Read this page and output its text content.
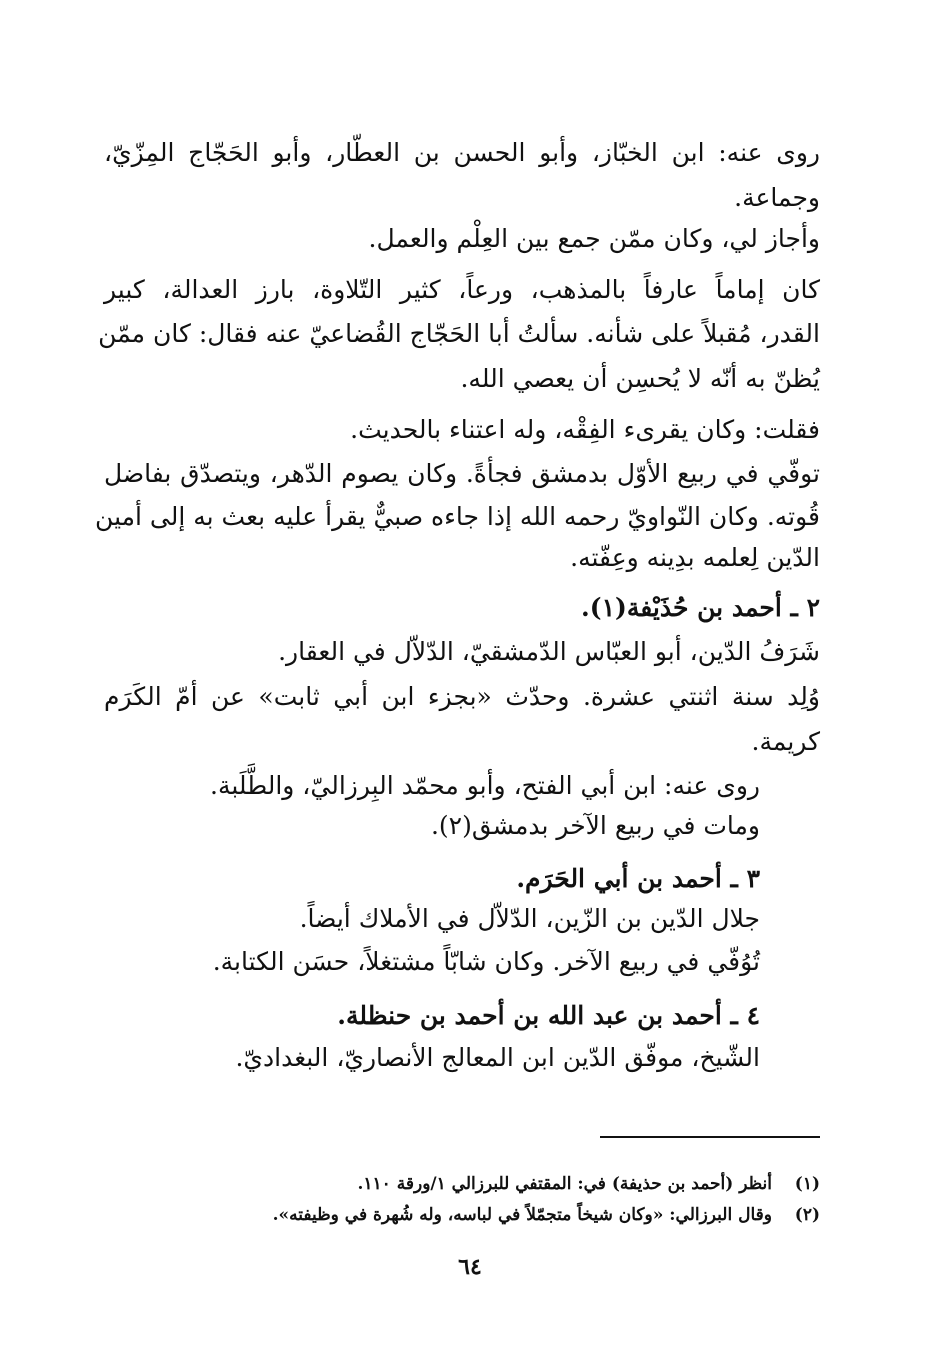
روى عنه: ابن الخبّاز، وأبو الحسن بن العطّار، وأبو الحَجّاج المِزّيّ،
وجماعة.
وأجاز لي، وكان ممّن جمع بين العِلْم والعمل.
كان إماماً عارفاً بالمذهب، ورعاً، كثير التّلاوة، بارز العدالة، كبير
القدر، مُقبلاً على شأنه. سألتُ أبا الحَجّاج القُضاعيّ عنه فقال: كان ممّن
يُظنّ به أنّه لا يُحسِن أن يعصي الله.
فقلت: وكان يقرىء الفِقْه، وله اعتناء بالحديث.
توفّي في ربيع الأوّل بدمشق فجأةً. وكان يصوم الدّهر، ويتصدّق بفاضل
قُوته. وكان النّواويّ رحمه الله إذا جاءه صبيٌّ يقرأ عليه بعث به إلى أمين
الدّين لِعلمه بدِينه وعِفّته.
٢ ـ أحمد بن حُذَيْفة(١).
شَرَفُ الدّين، أبو العبّاس الدّمشقيّ، الدّلاّل في العقار.
وُلِد سنة اثنتي عشرة. وحدّث «بجزء ابن أبي ثابت» عن أمّ الكَرَم
كريمة.
روى عنه: ابن أبي الفتح، وأبو محمّد البِرزاليّ، والطَّلَبة.
ومات في ربيع الآخر بدمشق(٢).
٣ ـ أحمد بن أبي الحَرَم.
جلال الدّين بن الزّين، الدّلاّل في الأملاك أيضاً.
تُوُفّي في ربيع الآخر. وكان شابّاً مشتغلاً، حسَن الكتابة.
٤ ـ أحمد بن عبد الله بن أحمد بن حنظلة.
الشّيخ، موفّق الدّين ابن المعالج الأنصاريّ، البغداديّ.
(١)أنظر (أحمد بن حذيفة) في: المقتفي للبرزالي ١/ورقة ١١٠.
(٢)وقال البرزالي: «وكان شيخاً متجمّلاً في لباسه، وله شُهرة في وظيفته».
٦٤
